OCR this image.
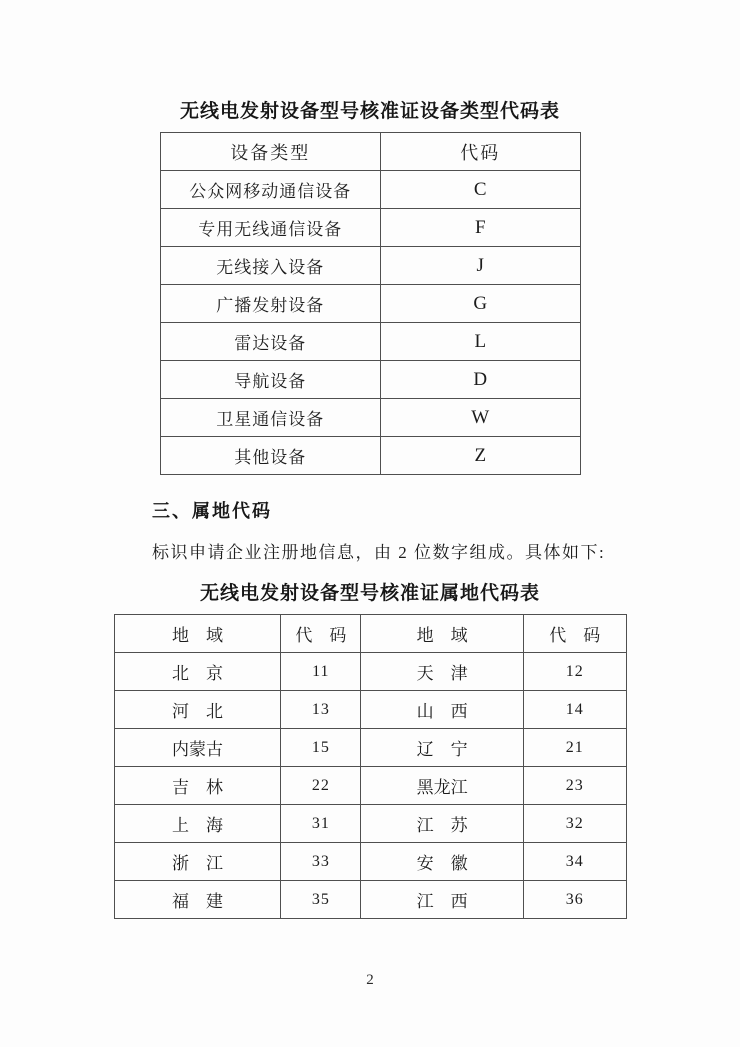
无线电发射设备型号核准证设备类型代码表
设备类型	代码
公众网移动通信设备	C
专用无线通信设备	F
无线接入设备	J
广播发射设备	G
雷达设备	L
导航设备	D
卫星通信设备	W
其他设备	Z
三、属地代码
标识申请企业注册地信息，由 2 位数字组成。具体如下:
无线电发射设备型号核准证属地代码表
地　域	代　码	地　域	代　码
北　京	11	天　津	12
河　北	13	山　西	14
内蒙古	15	辽　宁	21
吉　林	22	黑龙江	23
上　海	31	江　苏	32
浙　江	33	安　徽	34
福　建	35	江　西	36
2
